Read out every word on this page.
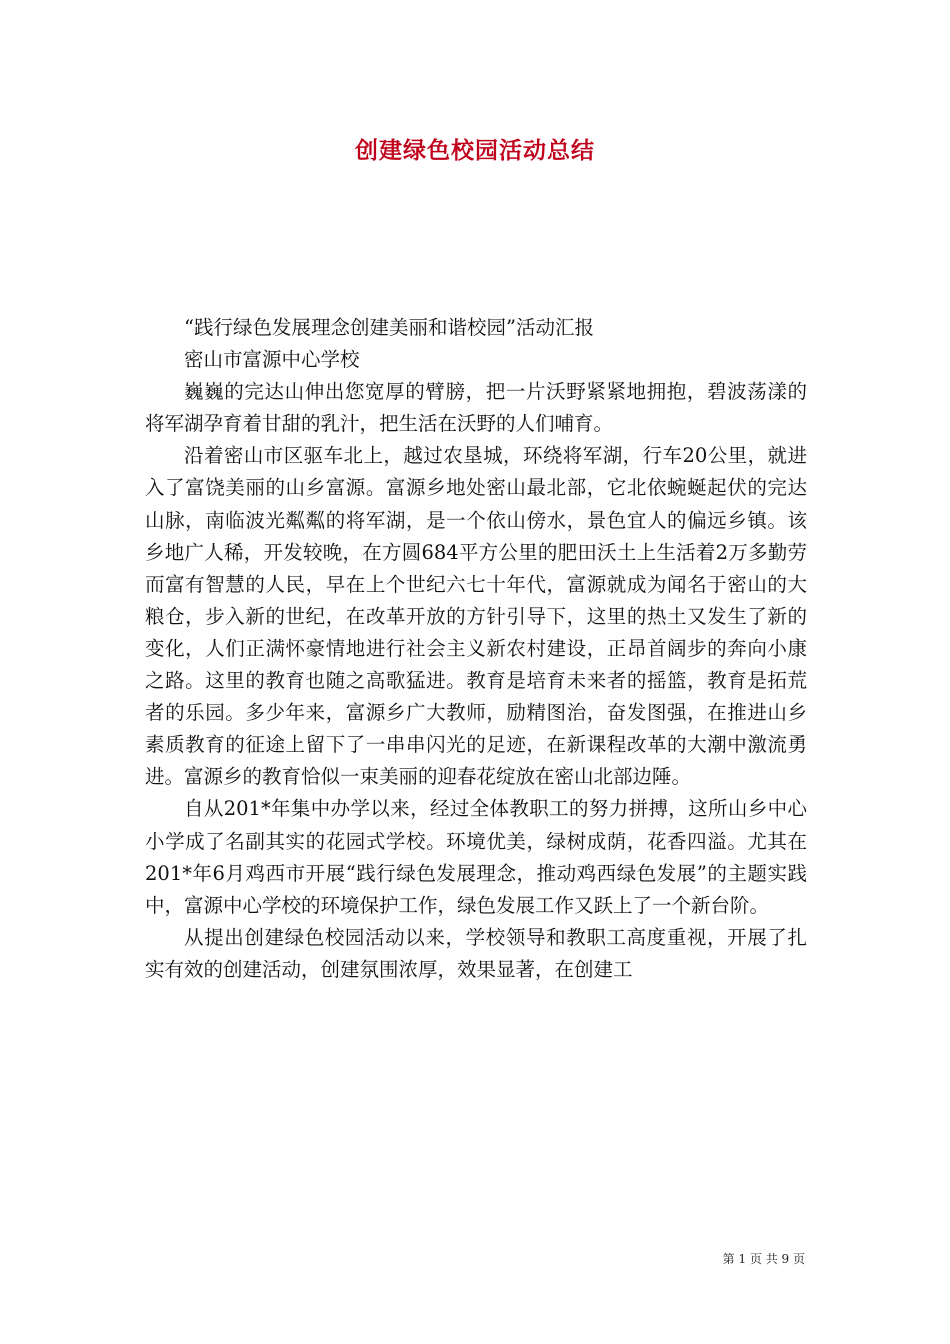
创建绿色校园活动总结

“践行绿色发展理念创建美丽和谐校园”活动汇报

密山市富源中心学校

巍巍的完达山伸出您宽厚的臂膀，把一片沃野紧紧地拥抱，碧波荡漾的将军湖孕育着甘甜的乳汁，把生活在沃野的人们哺育。

沿着密山市区驱车北上，越过农垦城，环绕将军湖，行车20公里，就进入了富饶美丽的山乡富源。富源乡地处密山最北部，它北依蜿蜒起伏的完达山脉，南临波光粼粼的将军湖，是一个依山傍水，景色宜人的偏远乡镇。该乡地广人稀，开发较晚，在方圆684平方公里的肥田沃土上生活着2万多勤劳而富有智慧的人民，早在上个世纪六七十年代，富源就成为闻名于密山的大粮仓，步入新的世纪，在改革开放的方针引导下，这里的热土又发生了新的变化，人们正满怀豪情地进行社会主义新农村建设，正昂首阔步的奔向小康之路。这里的教育也随之高歌猛进。教育是培育未来者的摇篮，教育是拓荒者的乐园。多少年来，富源乡广大教师，励精图治，奋发图强，在推进山乡素质教育的征途上留下了一串串闪光的足迹，在新课程改革的大潮中激流勇进。富源乡的教育恰似一束美丽的迎春花绽放在密山北部边陲。

自从201*年集中办学以来，经过全体教职工的努力拼搏，这所山乡中心小学成了名副其实的花园式学校。环境优美，绿树成荫，花香四溢。尤其在201*年6月鸡西市开展“践行绿色发展理念，推动鸡西绿色发展”的主题实践中，富源中心学校的环境保护工作，绿色发展工作又跃上了一个新台阶。

从提出创建绿色校园活动以来，学校领导和教职工高度重视，开展了扎实有效的创建活动，创建氛围浓厚，效果显著，在创建工

第 1 页 共 9 页
